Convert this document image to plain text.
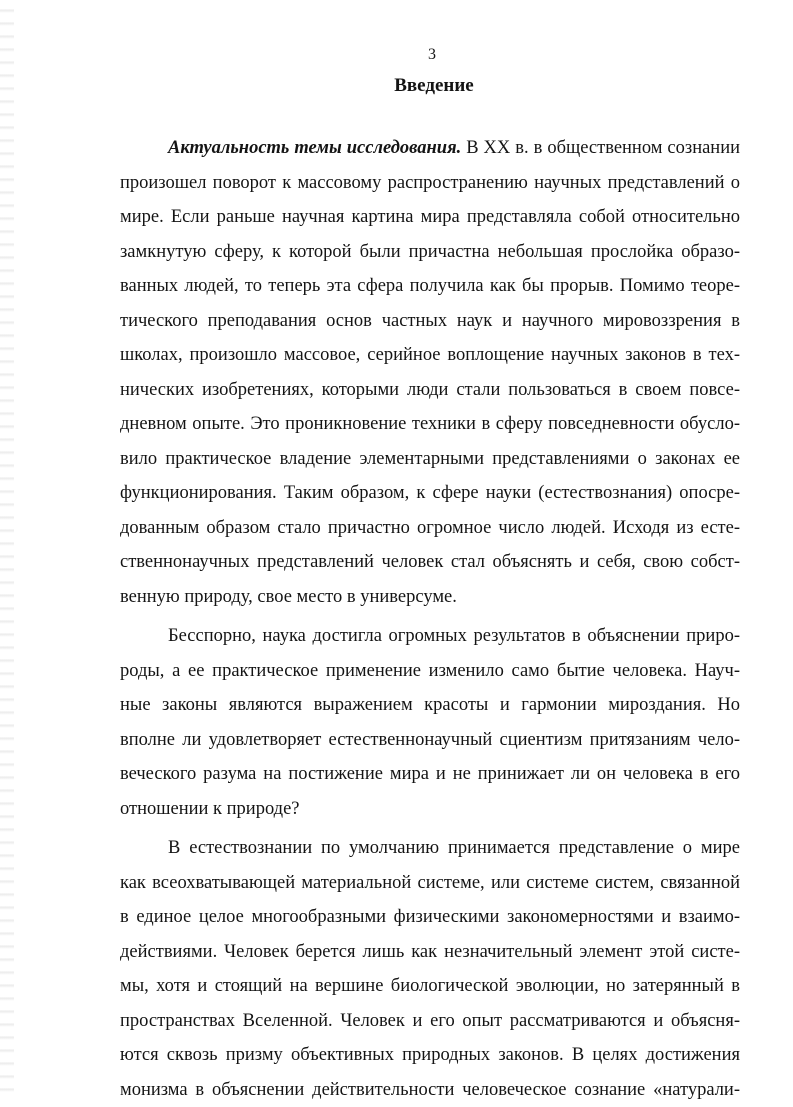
3
Введение
Актуальность темы исследования. В XX в. в общественном сознании
произошел поворот к массовому распространению научных представлений о
мире. Если раньше научная картина мира представляла собой относительно
замкнутую сферу, к которой были причастна небольшая прослойка образо-
ванных людей, то теперь эта сфера получила как бы прорыв. Помимо теоре-
тического преподавания основ частных наук и научного мировоззрения в
школах, произошло массовое, серийное воплощение научных законов в тех-
нических изобретениях, которыми люди стали пользоваться в своем повсе-
дневном опыте. Это проникновение техники в сферу повседневности обусло-
вило практическое владение элементарными представлениями о законах ее
функционирования. Таким образом, к сфере науки (естествознания) опосре-
дованным образом стало причастно огромное число людей. Исходя из есте-
ственнонаучных представлений человек стал объяснять и себя, свою собст-
венную природу, свое место в универсуме.
Бесспорно, наука достигла огромных результатов в объяснении приро-
роды, а ее практическое применение изменило само бытие человека. Науч-
ные законы являются выражением красоты и гармонии мироздания. Но
вполне ли удовлетворяет естественнонаучный сциентизм притязаниям чело-
веческого разума на постижение мира и не принижает ли он человека в его
отношении к природе?
В естествознании по умолчанию принимается представление о мире
как всеохватывающей материальной системе, или системе систем, связанной
в единое целое многообразными физическими закономерностями и взаимо-
действиями. Человек берется лишь как незначительный элемент этой систе-
мы, хотя и стоящий на вершине биологической эволюции, но затерянный в
пространствах Вселенной. Человек и его опыт рассматриваются и объясня-
ются сквозь призму объективных природных законов. В целях достижения
монизма в объяснении действительности человеческое сознание «натурали-
